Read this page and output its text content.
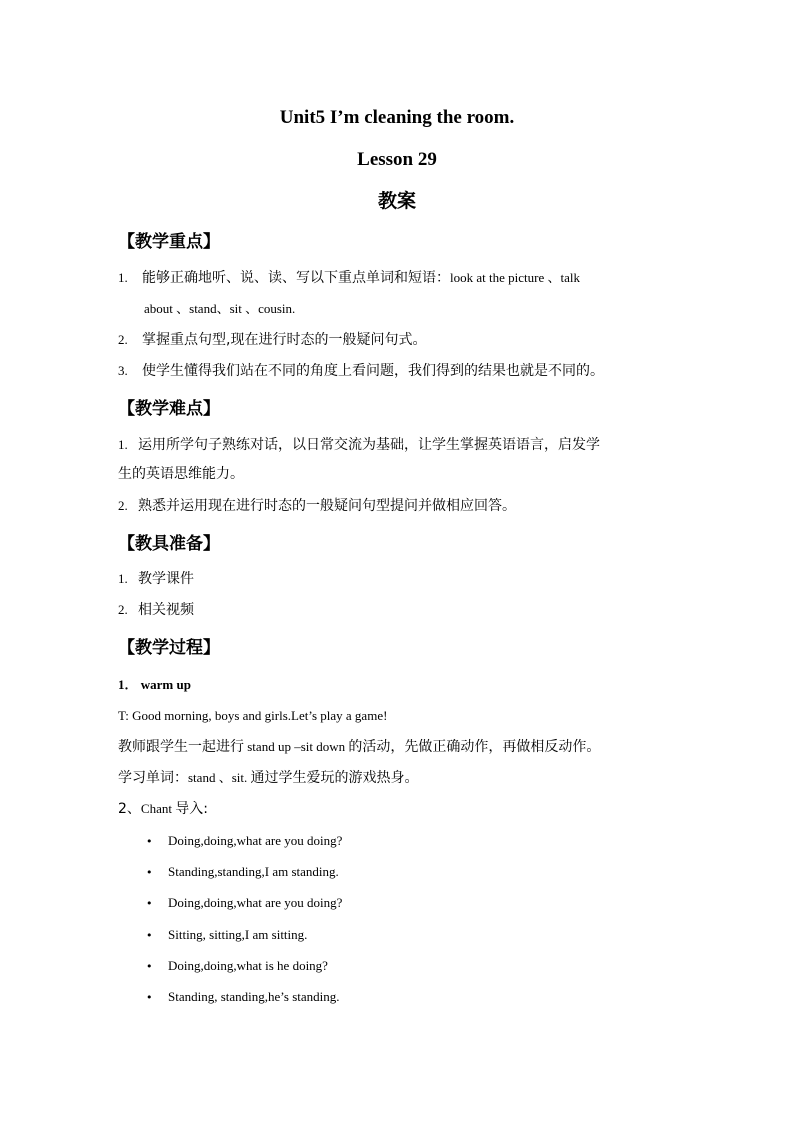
Unit5 I’m cleaning the room.
Lesson 29
教案
【教学重点】
1. 能够正确地听、说、读、写以下重点单词和短语：look at the picture 、talk
about 、stand、sit 、cousin.
2. 掌握重点句型,现在进行时态的一般疑问句式。
3. 使学生懂得我们站在不同的角度上看问题，我们得到的结果也就是不同的。
【教学难点】
1. 运用所学句子熟练对话，以日常交流为基础，让学生掌握英语语言，启发学
生的英语思维能力。
2. 熟悉并运用现在进行时态的一般疑问句型提问并做相应回答。
【教具准备】
1. 教学课件
2. 相关视频
【教学过程】
1． warm up
T: Good morning, boys and girls.Let’s play a game!
教师跟学生一起进行 stand up –sit down 的活动，先做正确动作，再做相反动作。
学习单词：stand 、sit. 通过学生爱玩的游戏热身。
2、Chant 导入:
• Doing,doing,what are you doing?
• Standing,standing,I am standing.
• Doing,doing,what are you doing?
• Sitting, sitting,I am sitting.
• Doing,doing,what is he doing?
• Standing, standing,he’s standing.
